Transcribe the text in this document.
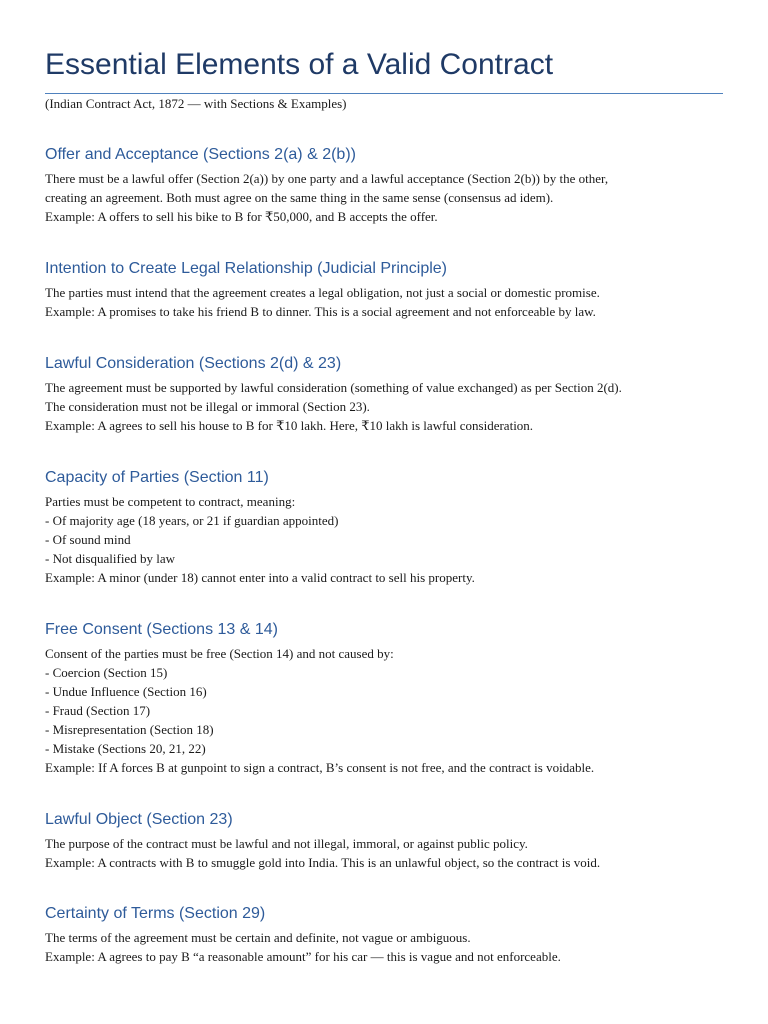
Essential Elements of a Valid Contract
(Indian Contract Act, 1872 — with Sections & Examples)
Offer and Acceptance (Sections 2(a) & 2(b))
There must be a lawful offer (Section 2(a)) by one party and a lawful acceptance (Section 2(b)) by the other,
creating an agreement. Both must agree on the same thing in the same sense (consensus ad idem).
Example: A offers to sell his bike to B for ₹50,000, and B accepts the offer.
Intention to Create Legal Relationship (Judicial Principle)
The parties must intend that the agreement creates a legal obligation, not just a social or domestic promise.
Example: A promises to take his friend B to dinner. This is a social agreement and not enforceable by law.
Lawful Consideration (Sections 2(d) & 23)
The agreement must be supported by lawful consideration (something of value exchanged) as per Section 2(d).
The consideration must not be illegal or immoral (Section 23).
Example: A agrees to sell his house to B for ₹10 lakh. Here, ₹10 lakh is lawful consideration.
Capacity of Parties (Section 11)
Parties must be competent to contract, meaning:
- Of majority age (18 years, or 21 if guardian appointed)
- Of sound mind
- Not disqualified by law
Example: A minor (under 18) cannot enter into a valid contract to sell his property.
Free Consent (Sections 13 & 14)
Consent of the parties must be free (Section 14) and not caused by:
- Coercion (Section 15)
- Undue Influence (Section 16)
- Fraud (Section 17)
- Misrepresentation (Section 18)
- Mistake (Sections 20, 21, 22)
Example: If A forces B at gunpoint to sign a contract, B’s consent is not free, and the contract is voidable.
Lawful Object (Section 23)
The purpose of the contract must be lawful and not illegal, immoral, or against public policy.
Example: A contracts with B to smuggle gold into India. This is an unlawful object, so the contract is void.
Certainty of Terms (Section 29)
The terms of the agreement must be certain and definite, not vague or ambiguous.
Example: A agrees to pay B “a reasonable amount” for his car — this is vague and not enforceable.
